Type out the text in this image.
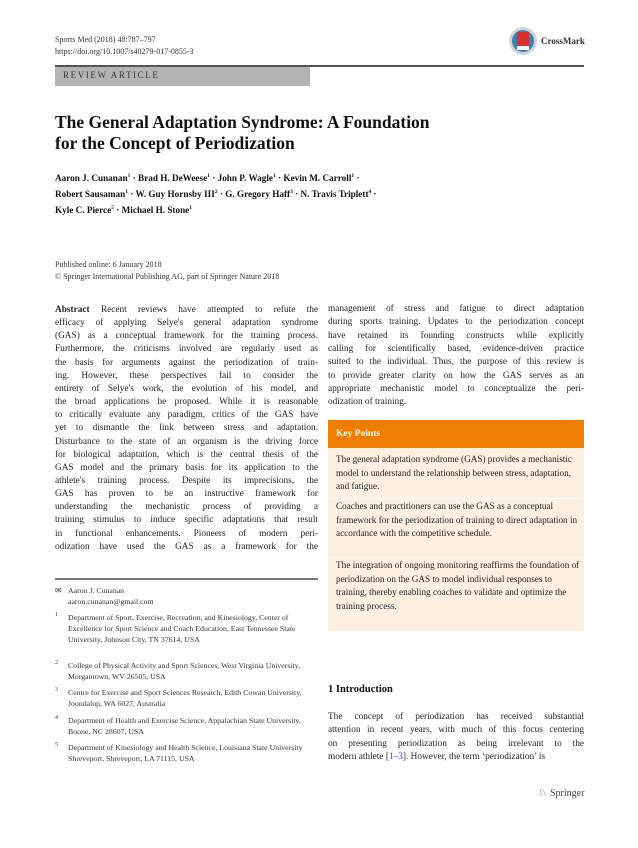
Sports Med (2018) 48:787–797
https://doi.org/10.1007/s40279-017-0855-3
CrossMark
REVIEW ARTICLE
The General Adaptation Syndrome: A Foundation
for the Concept of Periodization
Aaron J. Cunanan$^1$ · Brad H. DeWeese$^1$ · John P. Wagle$^1$ · Kevin M. Carroll$^1$ ·
Robert Sausaman$^1$ · W. Guy Hornsby $III^2 \cdot G$. Gregory Haff$^3$ · N. Travis Triplett$^4$ ·
Kyle C. Pierce$^5$ · Michael H. Stone$^1$
Published online: 6 January 2018
© Springer International Publishing AG, part of Springer Nature 2018
Abstract Recent reviews have attempted to refute the
efficacy of applying Selye's general adaptation syndrome
(GAS) as a conceptual framework for the training process.
Furthermore, the criticisms involved are regularly used as
the basis for arguments against the periodization of train-
ing. However, these perspectives fail to consider the
entirety of Selye's work, the evolution of his model, and
the broad applications he proposed. While it is reasonable
to critically evaluate any paradigm, critics of the GAS have
yet to dismantle the link between stress and adaptation.
Disturbance to the state of an organism is the driving force
for biological adaptation, which is the central thesis of the
GAS model and the primary basis for its application to the
athlete's training process. Despite its imprecisions, the
GAS has proven to be an instructive framework for
understanding the mechanistic process of providing a
training stimulus to induce specific adaptations that result
in functional enhancements. Pioneers of modern peri-
odization have used the GAS as a framework for the
management of stress and fatigue to direct adaptation
during sports training. Updates to the periodization concept
have retained its founding constructs while explicitly
calling for scientifically based, evidence-driven practice
suited to the individual. Thus, the purpose of this review is
to provide greater clarity on how the GAS serves as an
appropriate mechanistic model to conceptualize the peri-
odization of training.
Key Points
The general adaptation syndrome (GAS) provides a mechanistic model to understand the relationship between stress, adaptation, and fatigue.
Coaches and practitioners can use the GAS as a conceptual framework for the periodization of training to direct adaptation in accordance with the competitive schedule.
The integration of ongoing monitoring reaffirms the foundation of periodization on the GAS to model individual responses to training, thereby enabling coaches to validate and optimize the training process.
✉ Aaron J. Cunanan
aaron.cunanan@gmail.com
1 Department of Sport, Exercise, Recreation, and Kinesiology, Center of Excellence for Sport Science and Coach Education, East Tennessee State University, Johnson City, TN 37614, USA
2 College of Physical Activity and Sport Sciences, West Virginia University, Morgantown, WV 26505, USA
3 Centre for Exercise and Sport Sciences Research, Edith Cowan University, Joondalup, WA 6027, Australia
4 Department of Health and Exercise Science, Appalachian State University, Boone, NC 28607, USA
5 Department of Kinesiology and Health Science, Louisiana State University Shreveport, Shreveport, LA 71115, USA
1 Introduction
The concept of periodization has received substantial
attention in recent years, with much of this focus centering
on presenting periodization as being irrelevant to the
modern athlete [1–3]. However, the term ‘periodization’ is
♘ Springer
